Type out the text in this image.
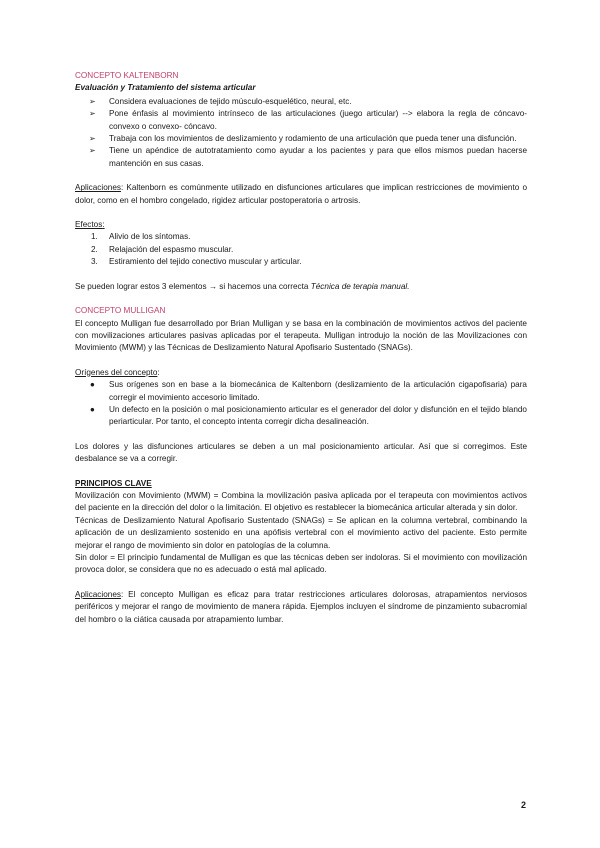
CONCEPTO KALTENBORN

Evaluación y Tratamiento del sistema articular

➢ Considera evaluaciones de tejido músculo-esquelético, neural, etc.
➢ Pone énfasis al movimiento intrínseco de las articulaciones (juego articular) --> elabora la regla de cóncavo- convexo o convexo- cóncavo.
➢ Trabaja con los movimientos de deslizamiento y rodamiento de una articulación que pueda tener una disfunción.
➢ Tiene un apéndice de autotratamiento como ayudar a los pacientes y para que ellos mismos puedan hacerse mantención en sus casas.

Aplicaciones: Kaltenborn es comúnmente utilizado en disfunciones articulares que implican restricciones de movimiento o dolor, como en el hombro congelado, rigidez articular postoperatoria o artrosis.

Efectos:

1. Alivio de los síntomas.
2. Relajación del espasmo muscular.
3. Estiramiento del tejido conectivo muscular y articular.

Se pueden lograr estos 3 elementos → si hacemos una correcta Técnica de terapia manual.

CONCEPTO MULLIGAN

El concepto Mulligan fue desarrollado por Brian Mulligan y se basa en la combinación de movimientos activos del paciente con movilizaciones articulares pasivas aplicadas por el terapeuta. Mulligan introdujo la noción de las Movilizaciones con Movimiento (MWM) y las Técnicas de Deslizamiento Natural Apofisario Sustentado (SNAGs).

Orígenes del concepto:

● Sus orígenes son en base a la biomecánica de Kaltenborn (deslizamiento de la articulación cigapofisaria) para corregir el movimiento accesorio limitado.
● Un defecto en la posición o mal posicionamiento articular es el generador del dolor y disfunción en el tejido blando periarticular. Por tanto, el concepto intenta corregir dicha desalineación.

Los dolores y las disfunciones articulares se deben a un mal posicionamiento articular. Así que si corregimos. Este desbalance se va a corregir.

PRINCIPIOS CLAVE

Movilización con Movimiento (MWM) = Combina la movilización pasiva aplicada por el terapeuta con movimientos activos del paciente en la dirección del dolor o la limitación. El objetivo es restablecer la biomecánica articular alterada y sin dolor.

Técnicas de Deslizamiento Natural Apofisario Sustentado (SNAGs) = Se aplican en la columna vertebral, combinando la aplicación de un deslizamiento sostenido en una apófisis vertebral con el movimiento activo del paciente. Esto permite mejorar el rango de movimiento sin dolor en patologías de la columna.

Sin dolor = El principio fundamental de Mulligan es que las técnicas deben ser indoloras. Si el movimiento con movilización provoca dolor, se considera que no es adecuado o está mal aplicado.

Aplicaciones: El concepto Mulligan es eficaz para tratar restricciones articulares dolorosas, atrapamientos nerviosos periféricos y mejorar el rango de movimiento de manera rápida. Ejemplos incluyen el síndrome de pinzamiento subacromial del hombro o la ciática causada por atrapamiento lumbar.

2
